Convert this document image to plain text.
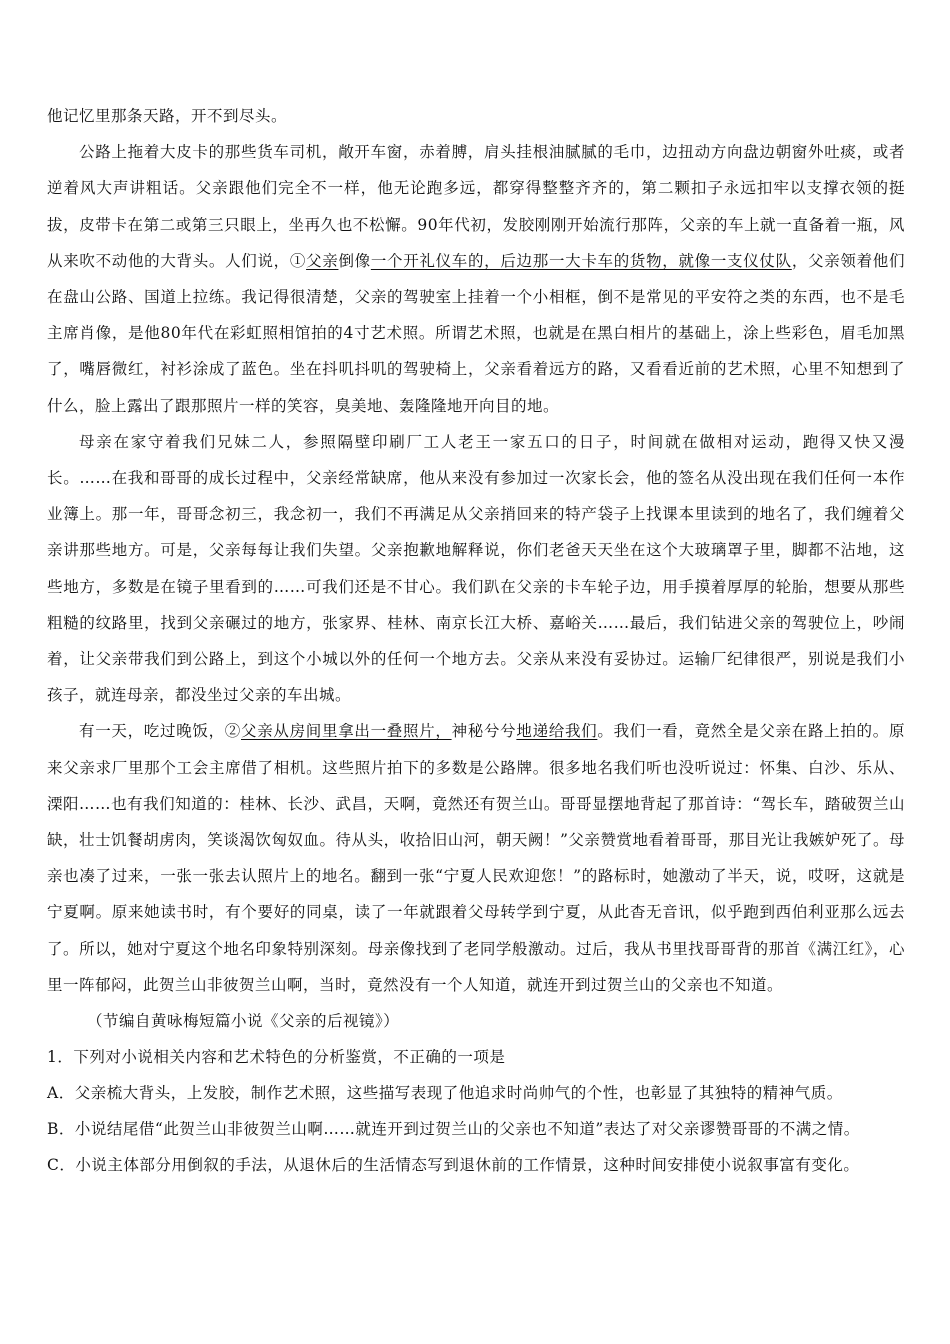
他记忆里那条天路，开不到尽头。

公路上拖着大皮卡的那些货车司机，敞开车窗，赤着膊，肩头挂根油腻腻的毛巾，边扭动方向盘边朝窗外吐痰，或者逆着风大声讲粗话。父亲跟他们完全不一样，他无论跑多远，都穿得整整齐齐的，第二颗扣子永远扣牢以支撑衣领的挺拔，皮带卡在第二或第三只眼上，坐再久也不松懈。90年代初，发胶刚刚开始流行那阵，父亲的车上就一直备着一瓶，风从来吹不动他的大背头。人们说，①父亲倒像一个开礼仪车的，后边那一大卡车的货物，就像一支仪仗队，父亲领着他们在盘山公路、国道上拉练。我记得很清楚，父亲的驾驶室上挂着一个小相框，倒不是常见的平安符之类的东西，也不是毛主席肖像，是他80年代在彩虹照相馆拍的4寸艺术照。所谓艺术照，也就是在黑白相片的基础上，涂上些彩色，眉毛加黑了，嘴唇微红，衬衫涂成了蓝色。坐在抖叽抖叽的驾驶椅上，父亲看着远方的路，又看看近前的艺术照，心里不知想到了什么，脸上露出了跟那照片一样的笑容，臭美地、轰隆隆地开向目的地。

母亲在家守着我们兄妹二人，参照隔壁印刷厂工人老王一家五口的日子，时间就在做相对运动，跑得又快又漫长。……在我和哥哥的成长过程中，父亲经常缺席，他从来没有参加过一次家长会，他的签名从没出现在我们任何一本作业簿上。那一年，哥哥念初三，我念初一，我们不再满足从父亲捎回来的特产袋子上找课本里读到的地名了，我们缠着父亲讲那些地方。可是，父亲每每让我们失望。父亲抱歉地解释说，你们老爸天天坐在这个大玻璃罩子里，脚都不沾地，这些地方，多数是在镜子里看到的……可我们还是不甘心。我们趴在父亲的卡车轮子边，用手摸着厚厚的轮胎，想要从那些粗糙的纹路里，找到父亲碾过的地方，张家界、桂林、南京长江大桥、嘉峪关……最后，我们钻进父亲的驾驶位上，吵闹着，让父亲带我们到公路上，到这个小城以外的任何一个地方去。父亲从来没有妥协过。运输厂纪律很严，别说是我们小孩子，就连母亲，都没坐过父亲的车出城。

有一天，吃过晚饭，②父亲从房间里拿出一叠照片，神秘兮兮地递给我们。我们一看，竟然全是父亲在路上拍的。原来父亲求厂里那个工会主席借了相机。这些照片拍下的多数是公路牌。很多地名我们听也没听说过：怀集、白沙、乐从、溧阳……也有我们知道的：桂林、长沙、武昌，天啊，竟然还有贺兰山。哥哥显摆地背起了那首诗：“驾长车，踏破贺兰山缺，壮士饥餐胡虏肉，笑谈渴饮匈奴血。待从头，收拾旧山河，朝天阙！”父亲赞赏地看着哥哥，那目光让我嫉妒死了。母亲也凑了过来，一张一张去认照片上的地名。翻到一张“宁夏人民欢迎您！”的路标时，她激动了半天，说，哎呀，这就是宁夏啊。原来她读书时，有个要好的同桌，读了一年就跟着父母转学到宁夏，从此杳无音讯，似乎跑到西伯利亚那么远去了。所以，她对宁夏这个地名印象特别深刻。母亲像找到了老同学般激动。过后，我从书里找哥哥背的那首《满江红》，心里一阵郁闷，此贺兰山非彼贺兰山啊，当时，竟然没有一个人知道，就连开到过贺兰山的父亲也不知道。

（节编自黄咏梅短篇小说《父亲的后视镜》）

1．下列对小说相关内容和艺术特色的分析鉴赏，不正确的一项是

A．父亲梳大背头，上发胶，制作艺术照，这些描写表现了他追求时尚帅气的个性，也彰显了其独特的精神气质。

B．小说结尾借“此贺兰山非彼贺兰山啊……就连开到过贺兰山的父亲也不知道”表达了对父亲谬赞哥哥的不满之情。

C．小说主体部分用倒叙的手法，从退休后的生活情态写到退休前的工作情景，这种时间安排使小说叙事富有变化。
